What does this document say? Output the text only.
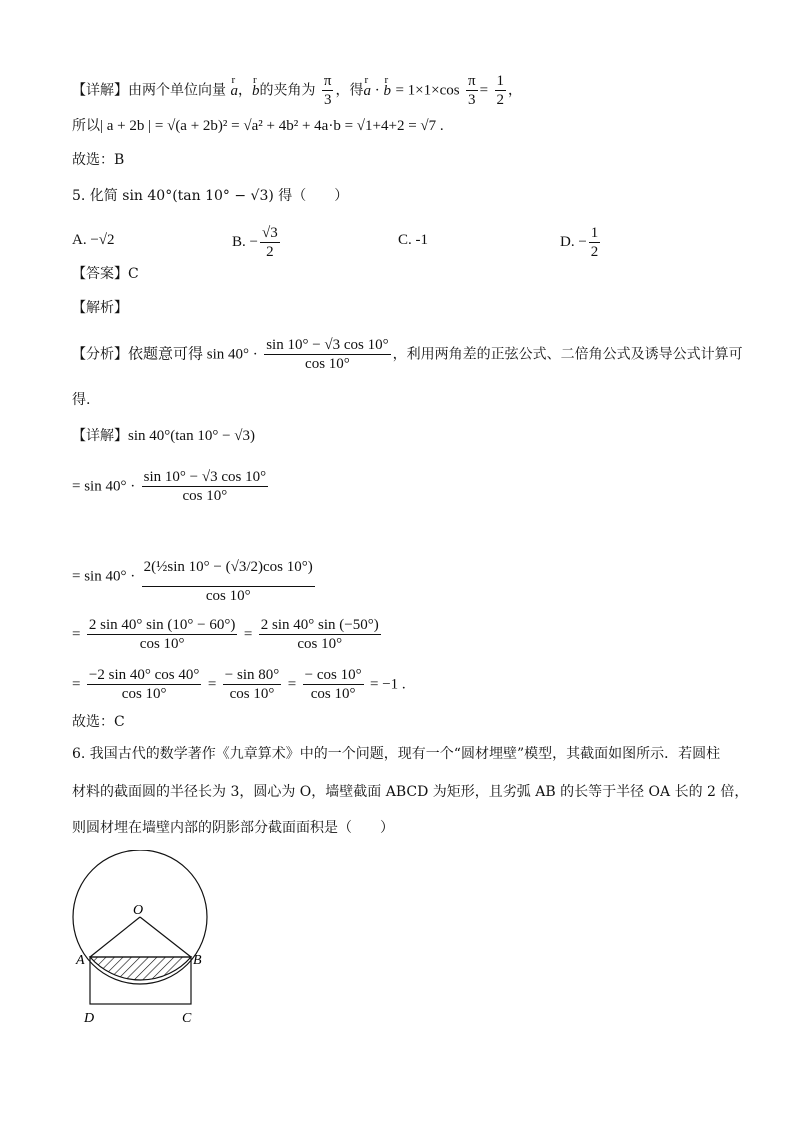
【详解】由两个单位向量 r a，r b的夹角为 $\frac{\pi}{3}$ ，得r a · r $b = 1\times 1\times\cos \frac{\pi}{3} = \frac{1}{2}$ ，
所以| a + 2b | = √(a + 2b)² = √a² + 4b² + 4a·b = √1+4+2 = √7 .
故选：B
5. 化简 sin 40°(tan 10° − √3) 得（　　）
A. −√2	B. − $\frac{√3}{2}$	C. -1	D. − $\frac{1}{2}$
【答案】C
【解析】
【分析】依题意可得 $\sin 40^\circ \cdot \frac{\sin 10^\circ - √3 \cos 10^\circ}{\cos 10^\circ}$ ，利用两角差的正弦公式、二倍角公式及诱导公式计算可
得.
【详解】sin 40°(tan 10° − √3)
= $\sin 40^\circ \cdot \frac{\sin 10^\circ - √3 \cos 10^\circ}{\cos 10^\circ}$
= $\sin 40^\circ \cdot \frac{\text{2(½sin 10° − (√3/2)cos 10°)}}{\cos 10^\circ}$
= $\frac{2 \sin 40^\circ \sin (10^\circ - 60^\circ)}{\cos 10^\circ} = \frac{2 \sin 40^\circ \sin (-50^\circ)}{\cos 10^\circ}$
= $\frac{-2 \sin 40^\circ \cos 40^\circ}{\cos 10^\circ} = \frac{- \sin 80^\circ}{\cos 10^\circ} = \frac{- \cos 10^\circ}{\cos 10^\circ} = -1$ .
故选：C
6. 我国古代的数学著作《九章算术》中的一个问题，现有一个“圆材埋壁”模型，其截面如图所示．若圆柱
材料的截面圆的半径长为 3，圆心为 O，墙壁截面 ABCD 为矩形，且劣弧 AB 的长等于半径 OA 长的 2 倍，
则圆材埋在墙壁内部的阴影部分截面面积是（　　）
O
A	B
D	C
